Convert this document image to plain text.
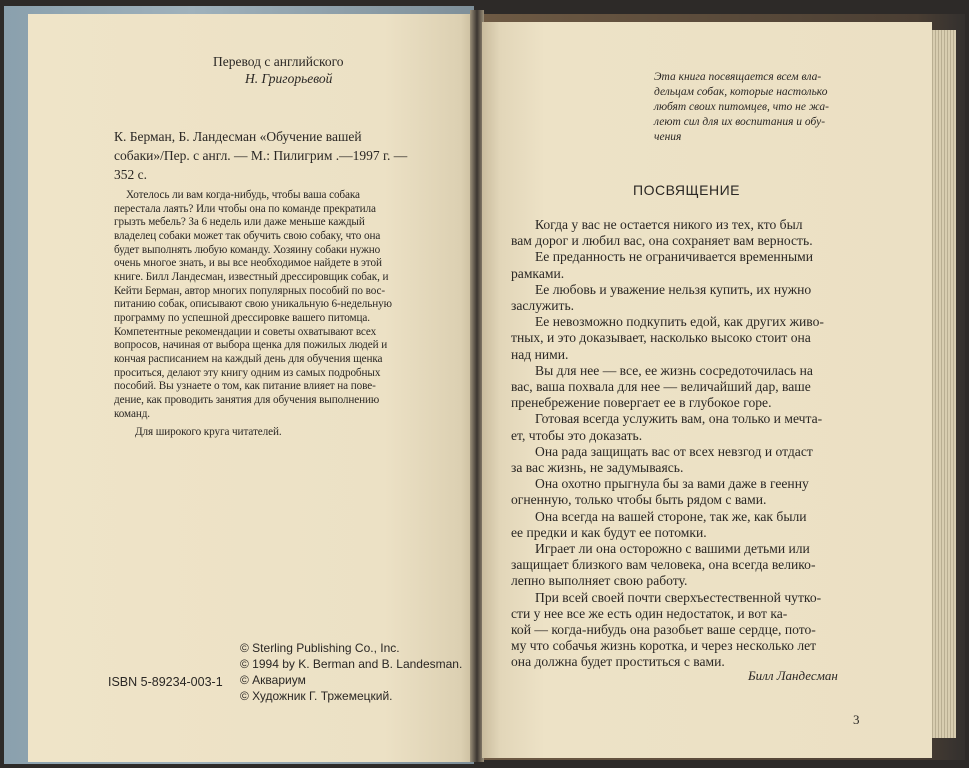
Перевод с английского
Н. Григорьевой
К. Берман, Б. Ландесман «Обучение вашей
собаки»/Пер. с англ. — М.: Пилигрим .—1997 г. —
352 с.
Хотелось ли вам когда-нибудь, чтобы ваша собака
перестала лаять? Или чтобы она по команде прекратила
грызть мебель? За 6 недель или даже меньше каждый
владелец собаки может так обучить свою собаку, что она
будет выполнять любую команду. Хозяину собаки нужно
очень многое знать, и вы все необходимое найдете в этой
книге. Билл Ландесман, известный дрессировщик собак, и
Кейти Берман, автор многих популярных пособий по вос-
питанию собак, описывают свою уникальную 6-недельную
программу по успешной дрессировке вашего питомца.
Компетентные рекомендации и советы охватывают всех
вопросов, начиная от выбора щенка для пожилых людей и
кончая расписанием на каждый день для обучения щенка
проситься, делают эту книгу одним из самых подробных
пособий. Вы узнаете о том, как питание влияет на пове-
дение, как проводить занятия для обучения выполнению
команд.
Для широкого круга читателей.
ISBN 5-89234-003-1
© Sterling Publishing Co., Inc.
© 1994 by K. Berman and B. Landesman.
© Аквариум
© Художник Г. Тржемецкий.
Эта книга посвящается всем вла-
дельцам собак, которые настолько
любят своих питомцев, что не жа-
леют сил для их воспитания и обу-
чения
ПОСВЯЩЕНИЕ
Когда у вас не остается никого из тех, кто был
вам дорог и любил вас, она сохраняет вам верность.
Ее преданность не ограничивается временными
рамками.
Ее любовь и уважение нельзя купить, их нужно
заслужить.
Ее невозможно подкупить едой, как других живо-
тных, и это доказывает, насколько высоко стоит она
над ними.
Вы для нее — все, ее жизнь сосредоточилась на
вас, ваша похвала для нее — величайший дар, ваше
пренебрежение повергает ее в глубокое горе.
Готовая всегда услужить вам, она только и мечта-
ет, чтобы это доказать.
Она рада защищать вас от всех невзгод и отдаст
за вас жизнь, не задумываясь.
Она охотно прыгнула бы за вами даже в геенну
огненную, только чтобы быть рядом с вами.
Она всегда на вашей стороне, так же, как были
ее предки и как будут ее потомки.
Играет ли она осторожно с вашими детьми или
защищает близкого вам человека, она всегда велико-
лепно выполняет свою работу.
При всей своей почти сверхъестественной чутко-
сти у нее все же есть один недостаток, и вот ка-
кой — когда-нибудь она разобьет ваше сердце, пото-
му что собачья жизнь коротка, и через несколько лет
она должна будет проститься с вами.
Билл Ландесман
3
